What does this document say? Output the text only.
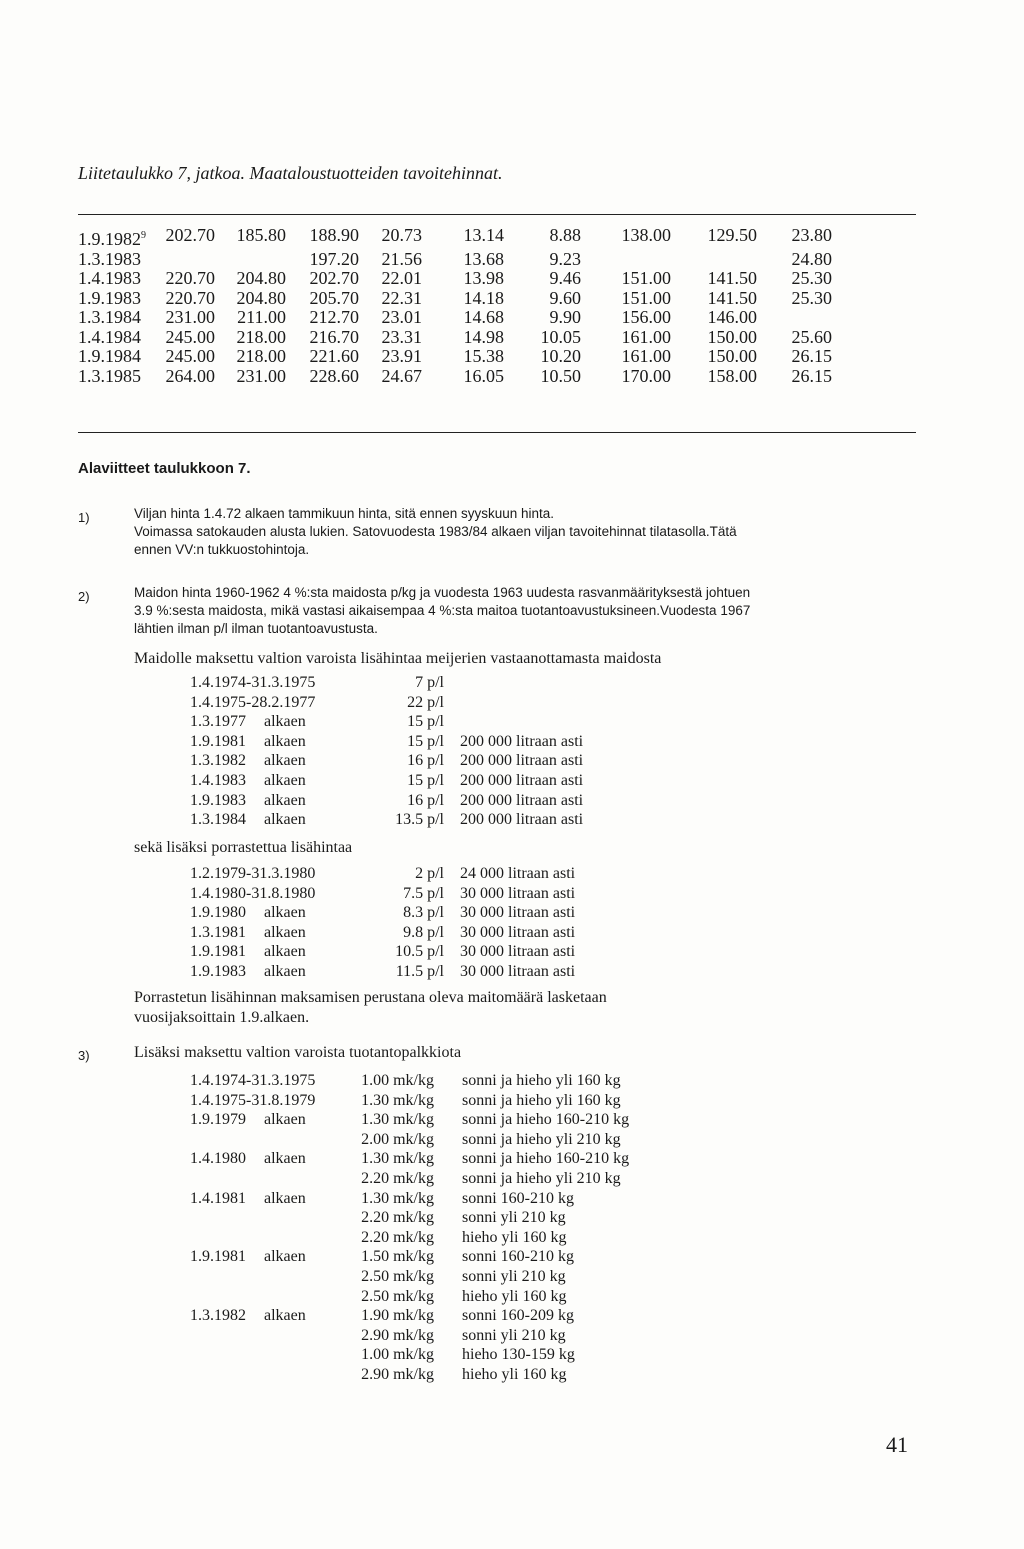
Liitetaulukko 7, jatkoa. Maataloustuotteiden tavoitehinnat.
1.9.1982$^9$	202.70	185.80	188.90	20.73	13.14	8.88	138.00	129.50	23.80
1.3.1983			197.20	21.56	13.68	9.23			24.80
1.4.1983	220.70	204.80	202.70	22.01	13.98	9.46	151.00	141.50	25.30
1.9.1983	220.70	204.80	205.70	22.31	14.18	9.60	151.00	141.50	25.30
1.3.1984	231.00	211.00	212.70	23.01	14.68	9.90	156.00	146.00	
1.4.1984	245.00	218.00	216.70	23.31	14.98	10.05	161.00	150.00	25.60
1.9.1984	245.00	218.00	221.60	23.91	15.38	10.20	161.00	150.00	26.15
1.3.1985	264.00	231.00	228.60	24.67	16.05	10.50	170.00	158.00	26.15
Alaviitteet taulukkoon 7.
1)	Viljan hinta 1.4.72 alkaen tammikuun hinta, sitä ennen syyskuun hinta.
Voimassa satokauden alusta lukien. Satovuodesta 1983/84 alkaen viljan tavoitehinnat tilatasolla.Tätä
ennen VV:n tukkuostohintoja.
2)	Maidon hinta 1960-1962 4 %:sta maidosta p/kg ja vuodesta 1963 uudesta rasvanmäärityksestä johtuen
3.9 %:sesta maidosta, mikä vastasi aikaisempaa 4 %:sta maitoa tuotantoavustuksineen.Vuodesta 1967
lähtien ilman p/l ilman tuotantoavustusta.
Maidolle maksettu valtion varoista lisähintaa meijerien vastaanottamasta maidosta
1.4.1974-31.3.1975		7 p/l		
1.4.1975-28.2.1977		22 p/l		
1.3.1977	alkaen	15 p/l		
1.9.1981	alkaen	15 p/l		200 000 litraan asti
1.3.1982	alkaen	16 p/l		200 000 litraan asti
1.4.1983	alkaen	15 p/l		200 000 litraan asti
1.9.1983	alkaen	16 p/l		200 000 litraan asti
1.3.1984	alkaen	13.5 p/l		200 000 litraan asti
sekä lisäksi porrastettua lisähintaa
1.2.1979-31.3.1980		2 p/l		24 000 litraan asti
1.4.1980-31.8.1980		7.5 p/l		30 000 litraan asti
1.9.1980	alkaen	8.3 p/l		30 000 litraan asti
1.3.1981	alkaen	9.8 p/l		30 000 litraan asti
1.9.1981	alkaen	10.5 p/l		30 000 litraan asti
1.9.1983	alkaen	11.5 p/l		30 000 litraan asti
Porrastetun lisähinnan maksamisen perustana oleva maitomäärä lasketaan
vuosijaksoittain 1.9.alkaen.
3)	Lisäksi maksettu valtion varoista tuotantopalkkiota
1.4.1974-31.3.1975		1.00 mk/kg		sonni ja hieho yli 160 kg
1.4.1975-31.8.1979		1.30 mk/kg		sonni ja hieho yli 160 kg
1.9.1979	alkaen	1.30 mk/kg		sonni ja hieho 160-210 kg
		2.00 mk/kg		sonni ja hieho yli 210 kg
1.4.1980	alkaen	1.30 mk/kg		sonni ja hieho 160-210 kg
		2.20 mk/kg		sonni ja hieho yli 210 kg
1.4.1981	alkaen	1.30 mk/kg		sonni 160-210 kg
		2.20 mk/kg		sonni yli 210 kg
		2.20 mk/kg		hieho yli 160 kg
1.9.1981	alkaen	1.50 mk/kg		sonni 160-210 kg
		2.50 mk/kg		sonni yli 210 kg
		2.50 mk/kg		hieho yli 160 kg
1.3.1982	alkaen	1.90 mk/kg		sonni 160-209 kg
		2.90 mk/kg		sonni yli 210 kg
		1.00 mk/kg		hieho 130-159 kg
		2.90 mk/kg		hieho yli 160 kg
41
